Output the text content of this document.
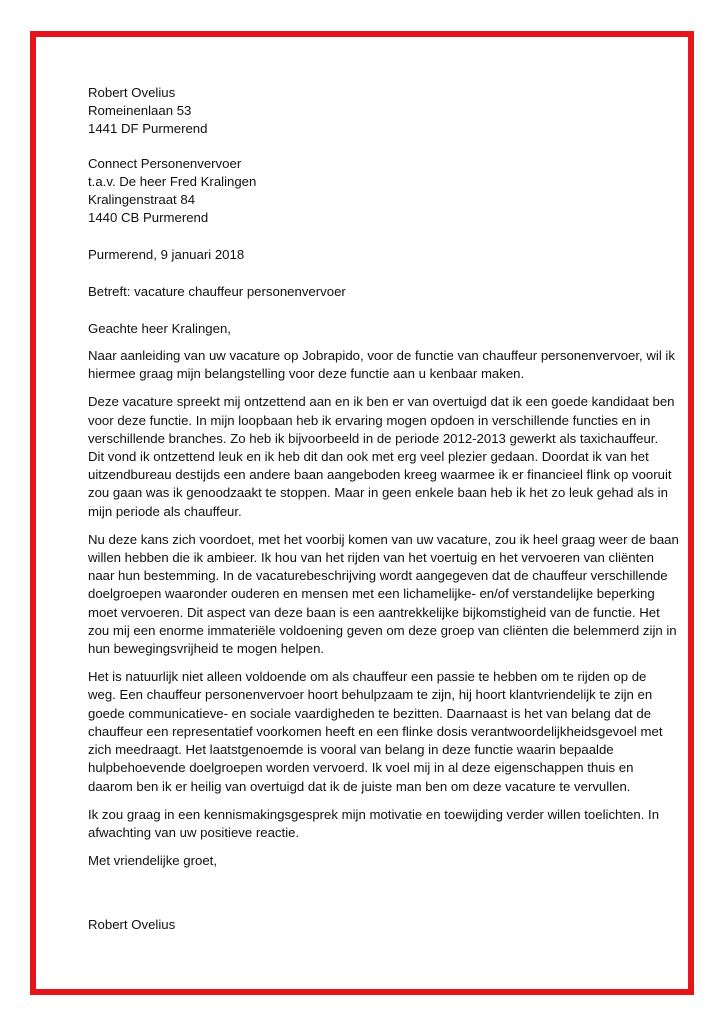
Robert Ovelius
Romeinenlaan 53
1441 DF Purmerend
Connect Personenvervoer
t.a.v. De heer Fred Kralingen
Kralingenstraat 84
1440 CB Purmerend
Purmerend, 9 januari 2018
Betreft: vacature chauffeur personenvervoer
Geachte heer Kralingen,
Naar aanleiding van uw vacature op Jobrapido, voor de functie van chauffeur personenvervoer, wil ik
hiermee graag mijn belangstelling voor deze functie aan u kenbaar maken.
Deze vacature spreekt mij ontzettend aan en ik ben er van overtuigd dat ik een goede kandidaat ben
voor deze functie. In mijn loopbaan heb ik ervaring mogen opdoen in verschillende functies en in
verschillende branches. Zo heb ik bijvoorbeeld in de periode 2012-2013 gewerkt als taxichauffeur.
Dit vond ik ontzettend leuk en ik heb dit dan ook met erg veel plezier gedaan. Doordat ik van het
uitzendbureau destijds een andere baan aangeboden kreeg waarmee ik er financieel flink op vooruit
zou gaan was ik genoodzaakt te stoppen. Maar in geen enkele baan heb ik het zo leuk gehad als in
mijn periode als chauffeur.
Nu deze kans zich voordoet, met het voorbij komen van uw vacature, zou ik heel graag weer de baan
willen hebben die ik ambieer. Ik hou van het rijden van het voertuig en het vervoeren van cliënten
naar hun bestemming. In de vacaturebeschrijving wordt aangegeven dat de chauffeur verschillende
doelgroepen waaronder ouderen en mensen met een lichamelijke- en/of verstandelijke beperking
moet vervoeren. Dit aspect van deze baan is een aantrekkelijke bijkomstigheid van de functie. Het
zou mij een enorme immateriële voldoening geven om deze groep van cliënten die belemmerd zijn in
hun bewegingsvrijheid te mogen helpen.
Het is natuurlijk niet alleen voldoende om als chauffeur een passie te hebben om te rijden op de
weg. Een chauffeur personenvervoer hoort behulpzaam te zijn, hij hoort klantvriendelijk te zijn en
goede communicatieve- en sociale vaardigheden te bezitten. Daarnaast is het van belang dat de
chauffeur een representatief voorkomen heeft en een flinke dosis verantwoordelijkheidsgevoel met
zich meedraagt. Het laatstgenoemde is vooral van belang in deze functie waarin bepaalde
hulpbehoevende doelgroepen worden vervoerd. Ik voel mij in al deze eigenschappen thuis en
daarom ben ik er heilig van overtuigd dat ik de juiste man ben om deze vacature te vervullen.
Ik zou graag in een kennismakingsgesprek mijn motivatie en toewijding verder willen toelichten. In
afwachting van uw positieve reactie.
Met vriendelijke groet,
Robert Ovelius
